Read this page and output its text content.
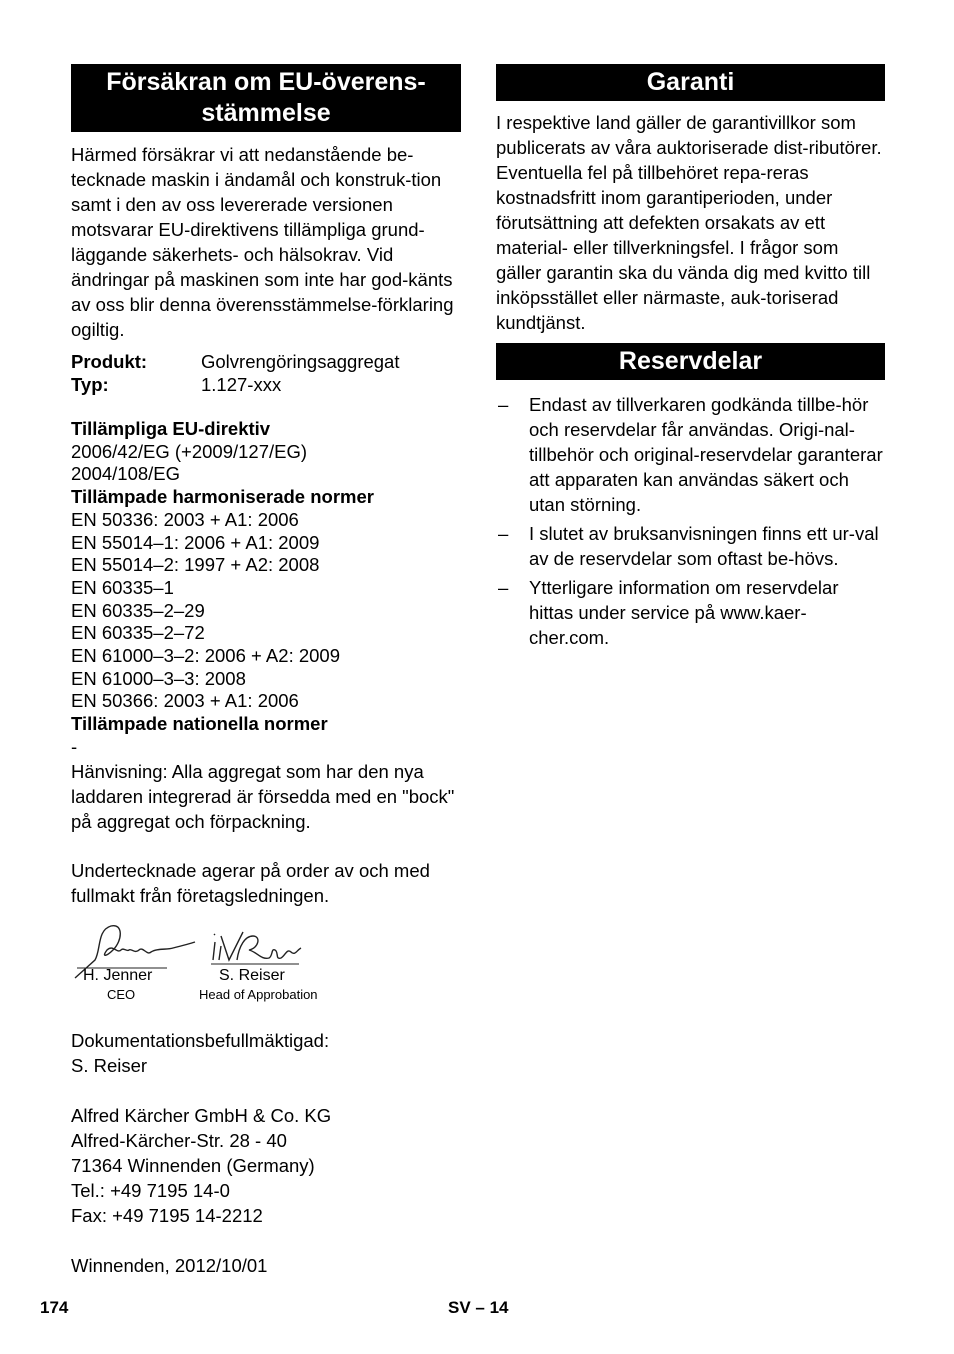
Försäkran om EU-överens-stämmelse

Härmed försäkrar vi att nedanstående be-tecknade maskin i ändamål och konstruk-tion samt i den av oss levererade versionen motsvarar EU-direktivens tillämpliga grund-läggande säkerhets- och hälsokrav. Vid ändringar på maskinen som inte har god-känts av oss blir denna överensstämmelse-förklaring ogiltig.

Produkt:	Golvrengöringsaggregat
Typ:	1.127-xxx
Tillämpliga EU-direktiv
2006/42/EG (+2009/127/EG)
2004/108/EG
Tillämpade harmoniserade normer
EN 50336: 2003 + A1: 2006
EN 55014–1: 2006 + A1: 2009
EN 55014–2: 1997 + A2: 2008
EN 60335–1
EN 60335–2–29
EN 60335–2–72
EN 61000–3–2: 2006 + A2: 2009
EN 61000–3–3: 2008
EN 50366: 2003 + A1: 2006
Tillämpade nationella normer
-

Hänvisning: Alla aggregat som har den nya laddaren integrerad är försedda med en "bock" på aggregat och förpackning.

Undertecknade agerar på order av och med fullmakt från företagsledningen.

H. Jenner
CEO
S. Reiser
Head of Approbation

Dokumentationsbefullmäktigad:

S. Reiser

Alfred Kärcher GmbH & Co. KG

Alfred-Kärcher-Str. 28 - 40

71364 Winnenden (Germany)

Tel.: +49 7195 14-0

Fax: +49 7195 14-2212

Winnenden, 2012/10/01

Garanti

I respektive land gäller de garantivillkor som publicerats av våra auktoriserade dist-ributörer. Eventuella fel på tillbehöret repa-reras kostnadsfritt inom garantiperioden, under förutsättning att defekten orsakats av ett material- eller tillverkningsfel. I frågor som gäller garantin ska du vända dig med kvitto till inköpsstället eller närmaste, auk-toriserad kundtjänst.

Reservdelar
– Endast av tillverkaren godkända tillbe-hör och reservdelar får användas. Origi-nal-tillbehör och original-reservdelar garanterar att apparaten kan användas säkert och utan störning.
– I slutet av bruksanvisningen finns ett ur-val av de reservdelar som oftast be-hövs.
– Ytterligare information om reservdelar hittas under service på www.kaer-cher.com.
174	SV – 14
